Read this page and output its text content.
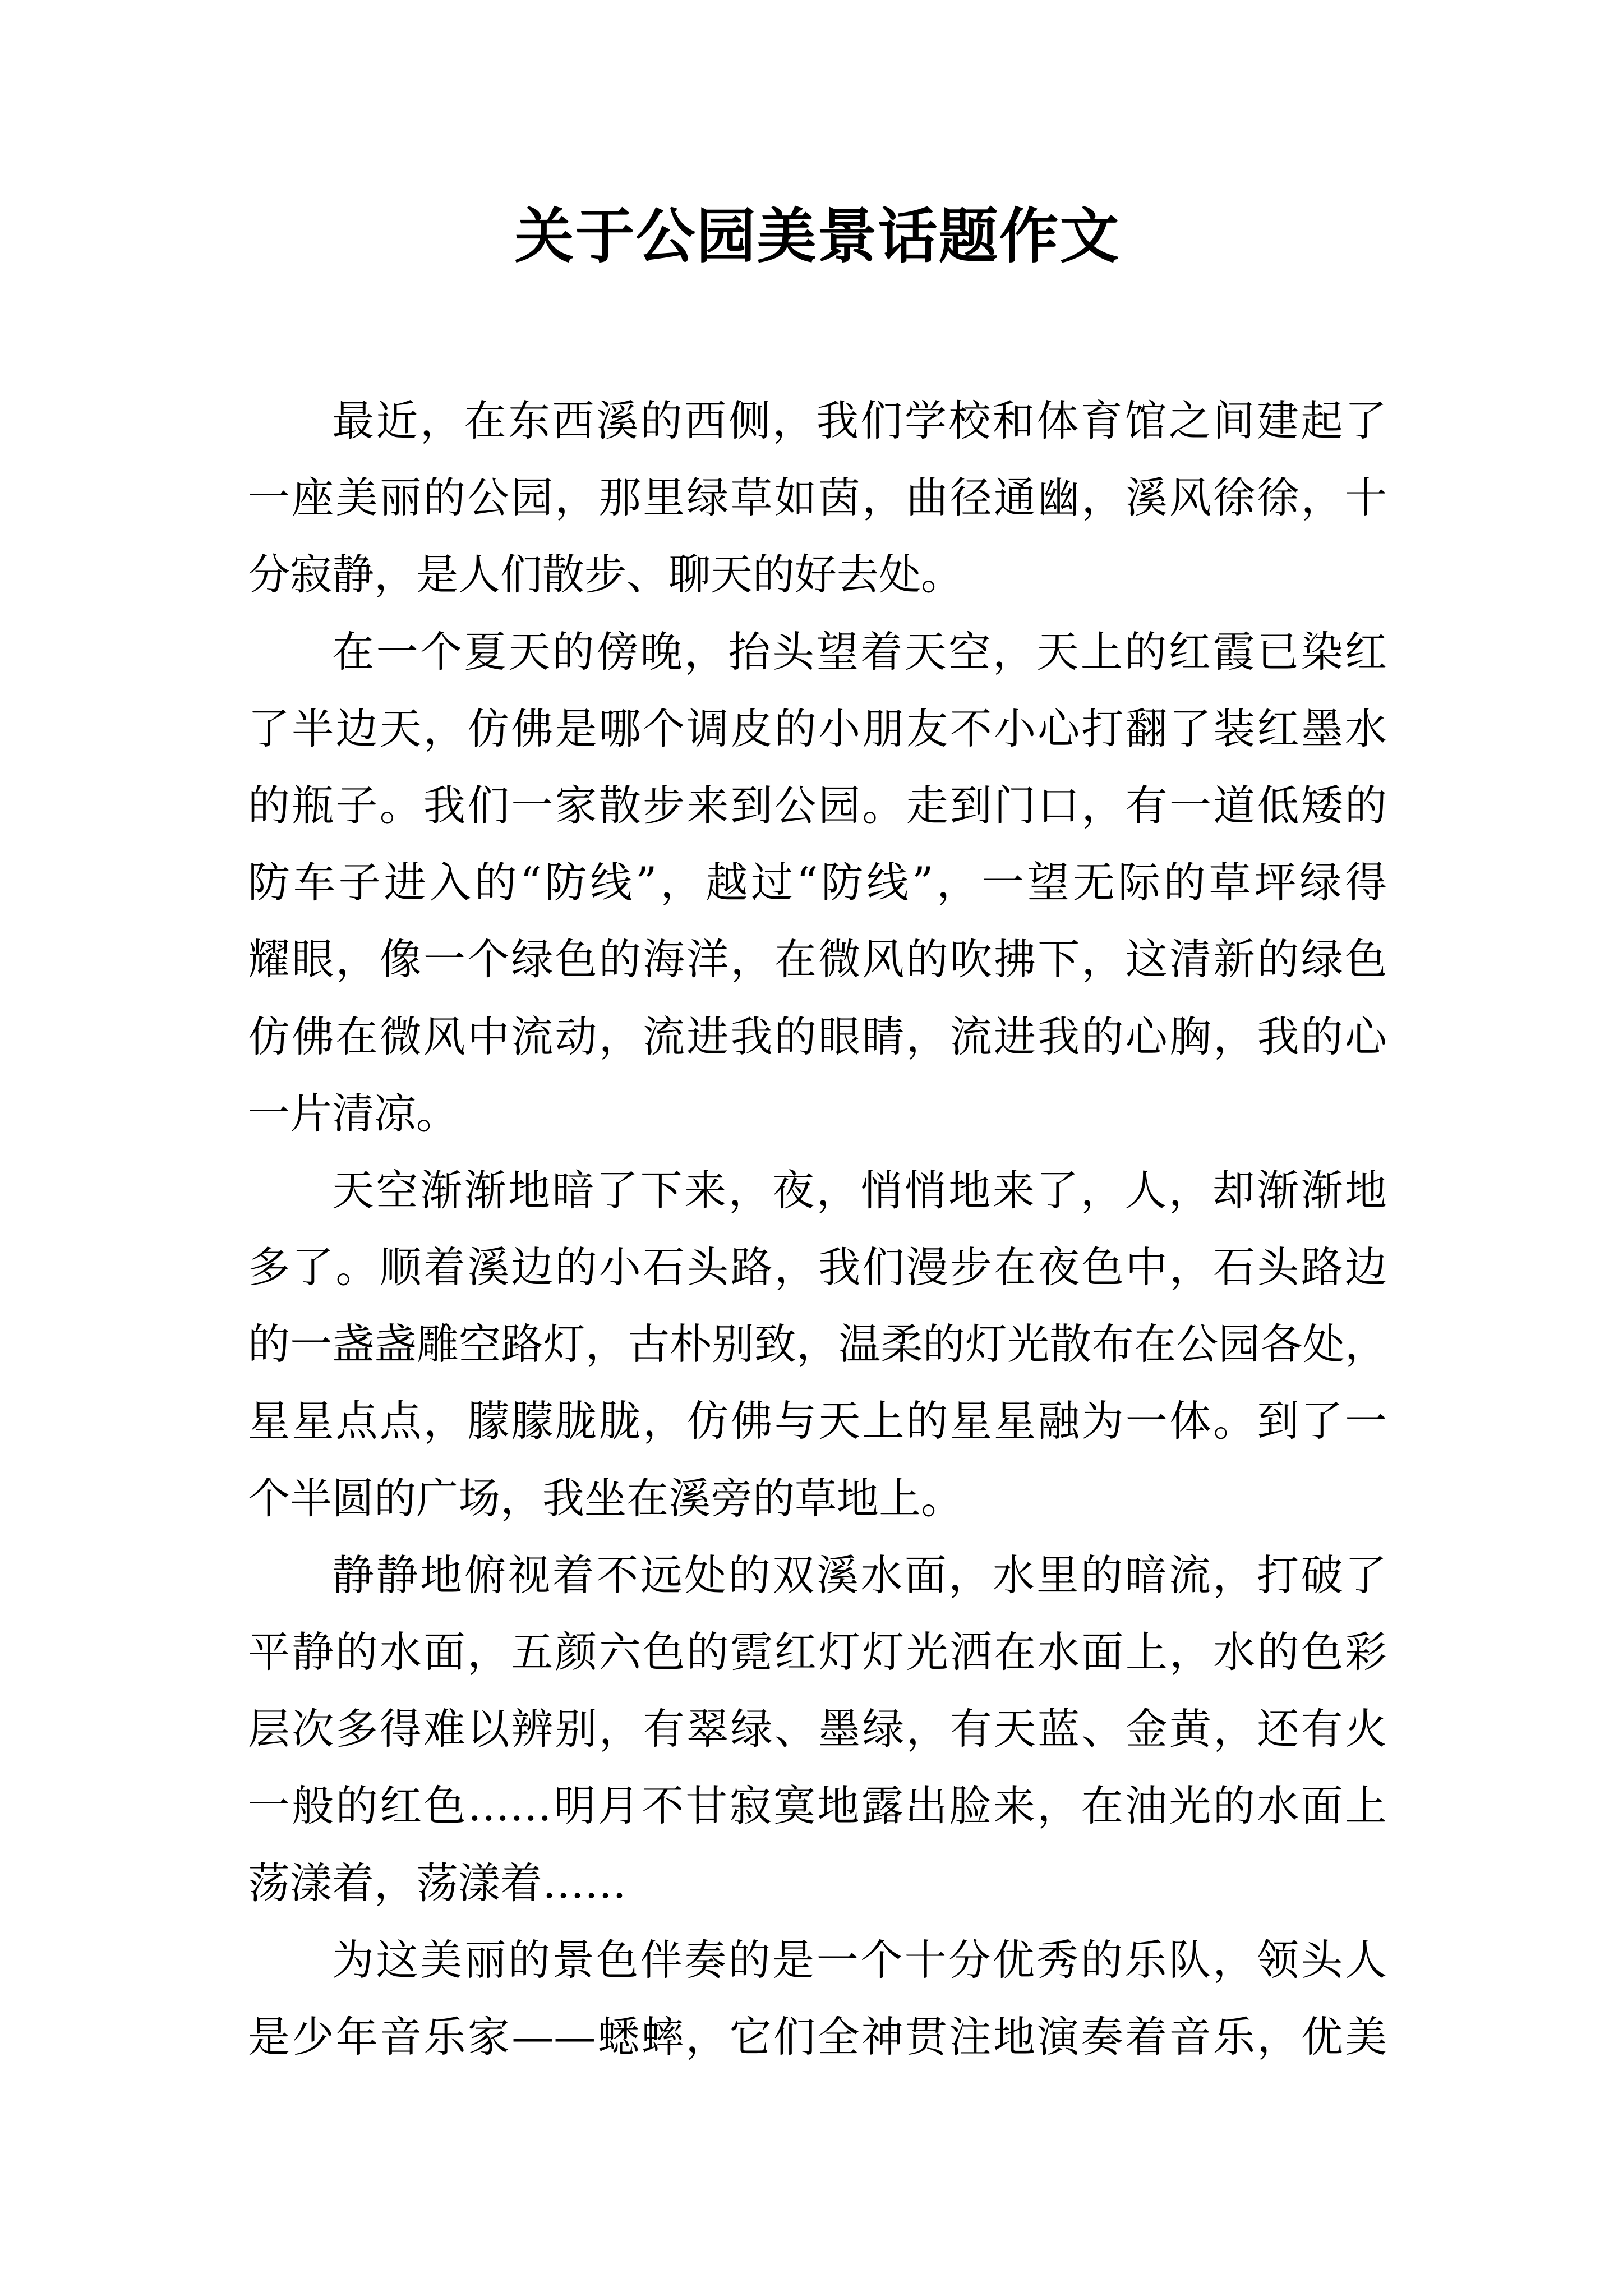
关于公园美景话题作文
最近，在东西溪的西侧，我们学校和体育馆之间建起了
一座美丽的公园，那里绿草如茵，曲径通幽，溪风徐徐，十
分寂静，是人们散步、聊天的好去处。
在一个夏天的傍晚，抬头望着天空，天上的红霞已染红
了半边天，仿佛是哪个调皮的小朋友不小心打翻了装红墨水
的瓶子。我们一家散步来到公园。走到门口，有一道低矮的
防车子进入的“防线”，越过“防线”，一望无际的草坪绿得
耀眼，像一个绿色的海洋，在微风的吹拂下，这清新的绿色
仿佛在微风中流动，流进我的眼睛，流进我的心胸，我的心
一片清凉。
天空渐渐地暗了下来，夜，悄悄地来了，人，却渐渐地
多了。顺着溪边的小石头路，我们漫步在夜色中，石头路边
的一盏盏雕空路灯，古朴别致，温柔的灯光散布在公园各处，
星星点点，朦朦胧胧，仿佛与天上的星星融为一体。到了一
个半圆的广场，我坐在溪旁的草地上。
静静地俯视着不远处的双溪水面，水里的暗流，打破了
平静的水面，五颜六色的霓红灯灯光洒在水面上，水的色彩
层次多得难以辨别，有翠绿、墨绿，有天蓝、金黄，还有火
一般的红色……明月不甘寂寞地露出脸来，在油光的水面上
荡漾着，荡漾着……
为这美丽的景色伴奏的是一个十分优秀的乐队，领头人
是少年音乐家——蟋蟀，它们全神贯注地演奏着音乐，优美
